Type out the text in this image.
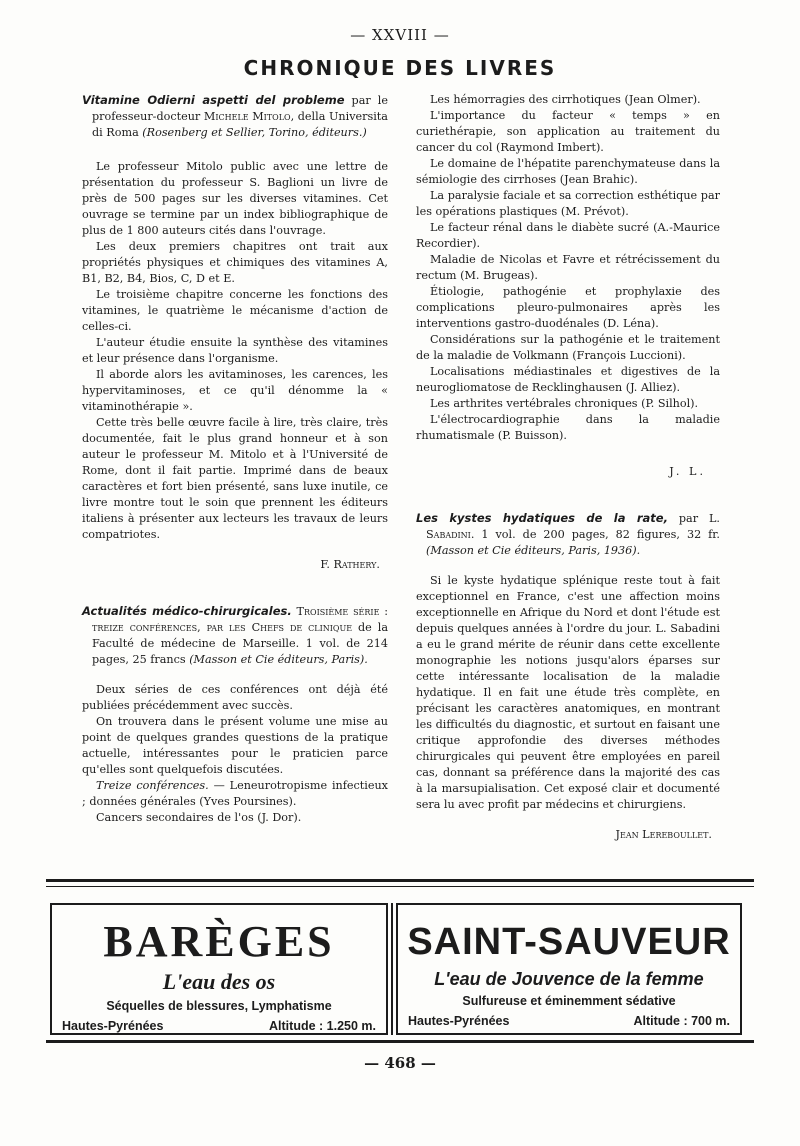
— XXVIII —
CHRONIQUE DES LIVRES
Vitamine Odierni aspetti del probleme par le professeur-docteur Michele Mitolo, della Universita di Roma (Rosenberg et Sellier, Torino, éditeurs.)

Le professeur Mitolo public avec une lettre de présentation du professeur S. Baglioni un livre de près de 500 pages sur les diverses vitamines. Cet ouvrage se termine par un index bibliographique de plus de 1 800 auteurs cités dans l'ouvrage.

Les deux premiers chapitres ont trait aux propriétés physiques et chimiques des vitamines A, B1, B2, B4, Bios, C, D et E.

Le troisième chapitre concerne les fonctions des vitamines, le quatrième le mécanisme d'action de celles-ci.

L'auteur étudie ensuite la synthèse des vitamines et leur présence dans l'organisme.

Il aborde alors les avitaminoses, les carences, les hypervitaminoses, et ce qu'il dénomme la « vitaminothérapie ».

Cette très belle œuvre facile à lire, très claire, très documentée, fait le plus grand honneur et à son auteur le professeur M. Mitolo et à l'Université de Rome, dont il fait partie. Imprimé dans de beaux caractères et fort bien présenté, sans luxe inutile, ce livre montre tout le soin que prennent les éditeurs italiens à présenter aux lecteurs les travaux de leurs compatriotes.

F. Rathery.
Actualités médico-chirurgicales. Troisième série : treize conférences, par les Chefs de clinique de la Faculté de médecine de Marseille. 1 vol. de 214 pages, 25 francs (Masson et Cie éditeurs, Paris).

Deux séries de ces conférences ont déjà été publiées précédemment avec succès.

On trouvera dans le présent volume une mise au point de quelques grandes questions de la pratique actuelle, intéressantes pour le praticien parce qu'elles sont quelquefois discutées.

Treize conférences. — Leneurotropisme infectieux ; données générales (Yves Poursines).

Cancers secondaires de l'os (J. Dor).

Les hémorragies des cirrhotiques (Jean Olmer).

L'importance du facteur « temps » en curiethérapie, son application au traitement du cancer du col (Raymond Imbert).

Le domaine de l'hépatite parenchymateuse dans la sémiologie des cirrhoses (Jean Brahic).

La paralysie faciale et sa correction esthétique par les opérations plastiques (M. Prévot).

Le facteur rénal dans le diabète sucré (A.-Maurice Recordier).

Maladie de Nicolas et Favre et rétrécissement du rectum (M. Brugeas).

Étiologie, pathogénie et prophylaxie des complications pleuro-pulmonaires après les interventions gastro-duodénales (D. Léna).

Considérations sur la pathogénie et le traitement de la maladie de Volkmann (François Luccioni).

Localisations médiastinales et digestives de la neurogliomatose de Recklinghausen (J. Alliez).

Les arthrites vertébrales chroniques (P. Silhol).

L'électrocardiographie dans la maladie rhumatismale (P. Buisson).

J. L.
Les kystes hydatiques de la rate, par L. Sabadini. 1 vol. de 200 pages, 82 figures, 32 fr. (Masson et Cie éditeurs, Paris, 1936).

Si le kyste hydatique splénique reste tout à fait exceptionnel en France, c'est une affection moins exceptionnelle en Afrique du Nord et dont l'étude est depuis quelques années à l'ordre du jour. L. Sabadini a eu le grand mérite de réunir dans cette excellente monographie les notions jusqu'alors éparses sur cette intéressante localisation de la maladie hydatique. Il en fait une étude très complète, en précisant les caractères anatomiques, en montrant les difficultés du diagnostic, et surtout en faisant une critique approfondie des diverses méthodes chirurgicales qui peuvent être employées en pareil cas, donnant sa préférence dans la majorité des cas à la marsupialisation. Cet exposé clair et documenté sera lu avec profit par médecins et chirurgiens.

Jean Lereboullet.
BARÈGES
L'eau des os
Séquelles de blessures, Lymphatisme
Hautes-Pyrénées	Altitude : 1.250 m.
SAINT-SAUVEUR
L'eau de Jouvence de la femme
Sulfureuse et éminemment sédative
Hautes-Pyrénées	Altitude : 700 m.
— 468 —
